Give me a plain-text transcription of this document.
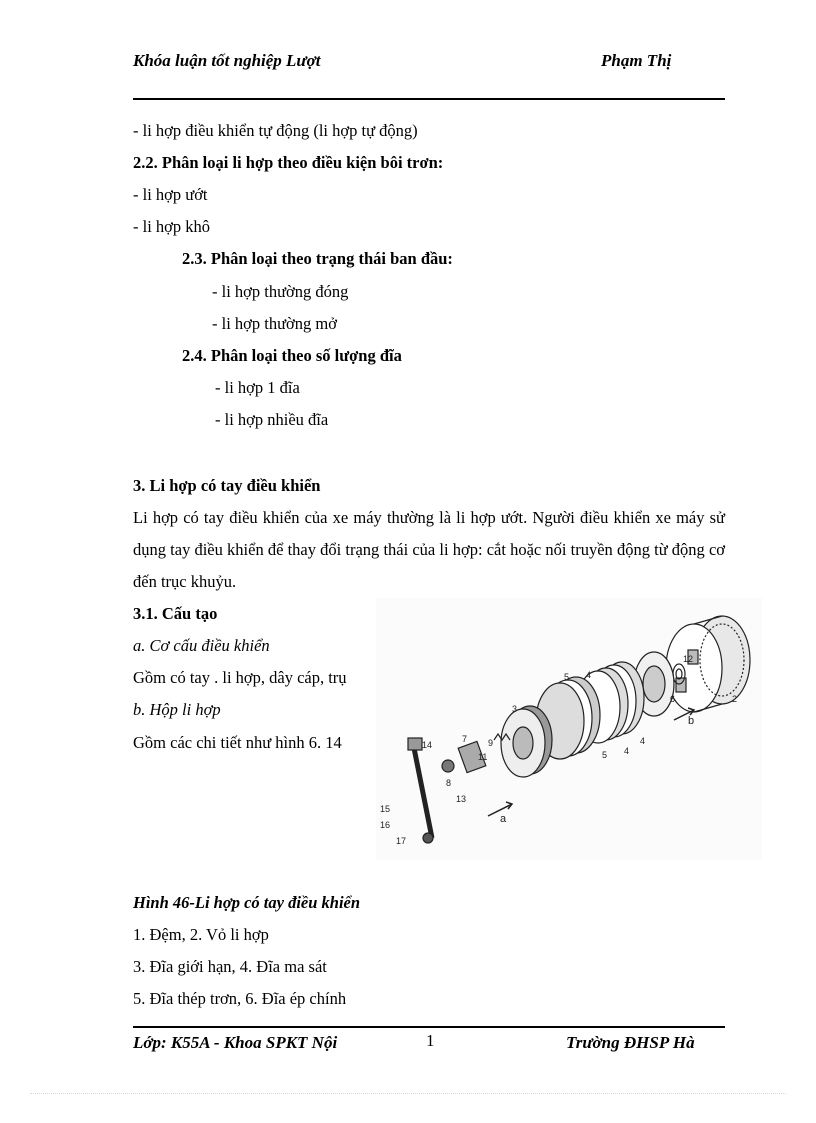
Khóa luận tốt nghiệp Lượt	Phạm Thị
- li hợp điều khiển tự động (li hợp tự động)
2.2. Phân loại li hợp theo điều kiện bôi trơn:
- li hợp ướt
- li hợp khô
2.3. Phân loại theo trạng thái ban đầu:
- li hợp thường đóng
- li hợp thường mở
2.4. Phân loại theo số lượng đĩa
- li hợp 1 đĩa
- li hợp nhiều đĩa
3. Li hợp có tay điều khiển
Li hợp có tay điều khiển của xe máy thường là li hợp ướt. Người điều khiển xe máy sử dụng tay điều khiển để thay đổi trạng thái của li hợp: cắt hoặc nối truyền động từ động cơ đến trục khuỷu.
3.1. Cấu tạo
a. Cơ cấu điều khiển
Gồm có tay . li hợp, dây cáp, trụ
b. Hộp li hợp
Gồm các chi tiết như hình 6. 14
2
12
6
4
5 4
5 4
3
9
11
7
8
13
14
15
16
17
a
b
Hình 46-Li hợp có tay điều khiển
1. Đệm, 2. Vỏ li hợp
3. Đĩa giới hạn, 4. Đĩa ma sát
5. Đĩa thép trơn, 6. Đĩa ép chính
Lớp: K55A - Khoa SPKT Nội	1	Trường ĐHSP Hà
